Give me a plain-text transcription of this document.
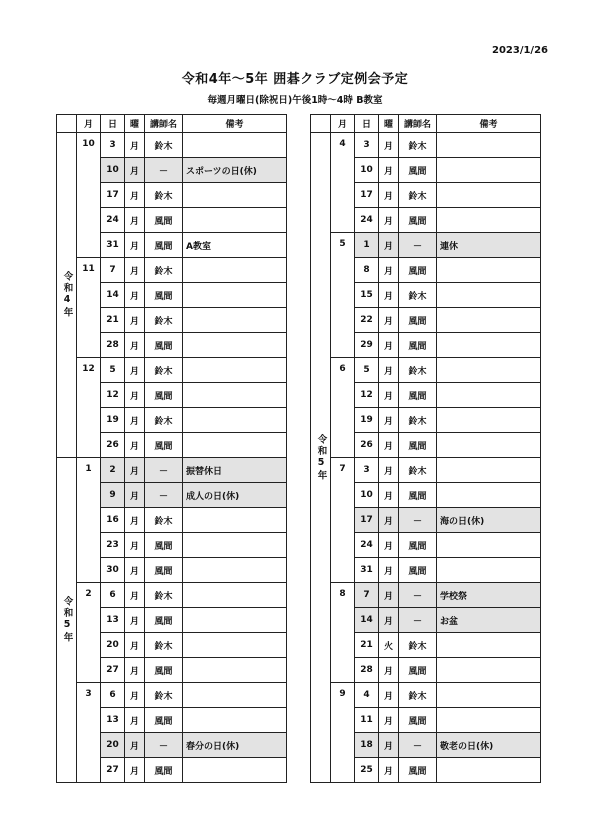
2023/1/26
令和4年～5年 囲碁クラブ定例会予定
毎週月曜日(除祝日)午後1時～4時 B教室
	月	日	曜	講師名	備考
令和4年	10	3	月	鈴木	
		10	月	－	スポーツの日(休)
		17	月	鈴木	
		24	月	風間	
		31	月	風間	A教室
	11	7	月	鈴木	
		14	月	風間	
		21	月	鈴木	
		28	月	風間	
	12	5	月	鈴木	
		12	月	風間	
		19	月	鈴木	
		26	月	風間	
令和5年	1	2	月	－	振替休日
		9	月	－	成人の日(休)
		16	月	鈴木	
		23	月	風間	
		30	月	風間	
	2	6	月	鈴木	
		13	月	風間	
		20	月	鈴木	
		27	月	風間	
	3	6	月	鈴木	
		13	月	風間	
		20	月	－	春分の日(休)
		27	月	風間	
	月	日	曜	講師名	備考
令和5年	4	3	月	鈴木	
		10	月	風間	
		17	月	鈴木	
		24	月	風間	
	5	1	月	－	連休
		8	月	風間	
		15	月	鈴木	
		22	月	風間	
		29	月	風間	
	6	5	月	鈴木	
		12	月	風間	
		19	月	鈴木	
		26	月	風間	
	7	3	月	鈴木	
		10	月	風間	
		17	月	－	海の日(休)
		24	月	風間	
		31	月	風間	
	8	7	月	－	学校祭
		14	月	－	お盆
		21	火	鈴木	
		28	月	風間	
	9	4	月	鈴木	
		11	月	風間	
		18	月	－	敬老の日(休)
		25	月	風間	
